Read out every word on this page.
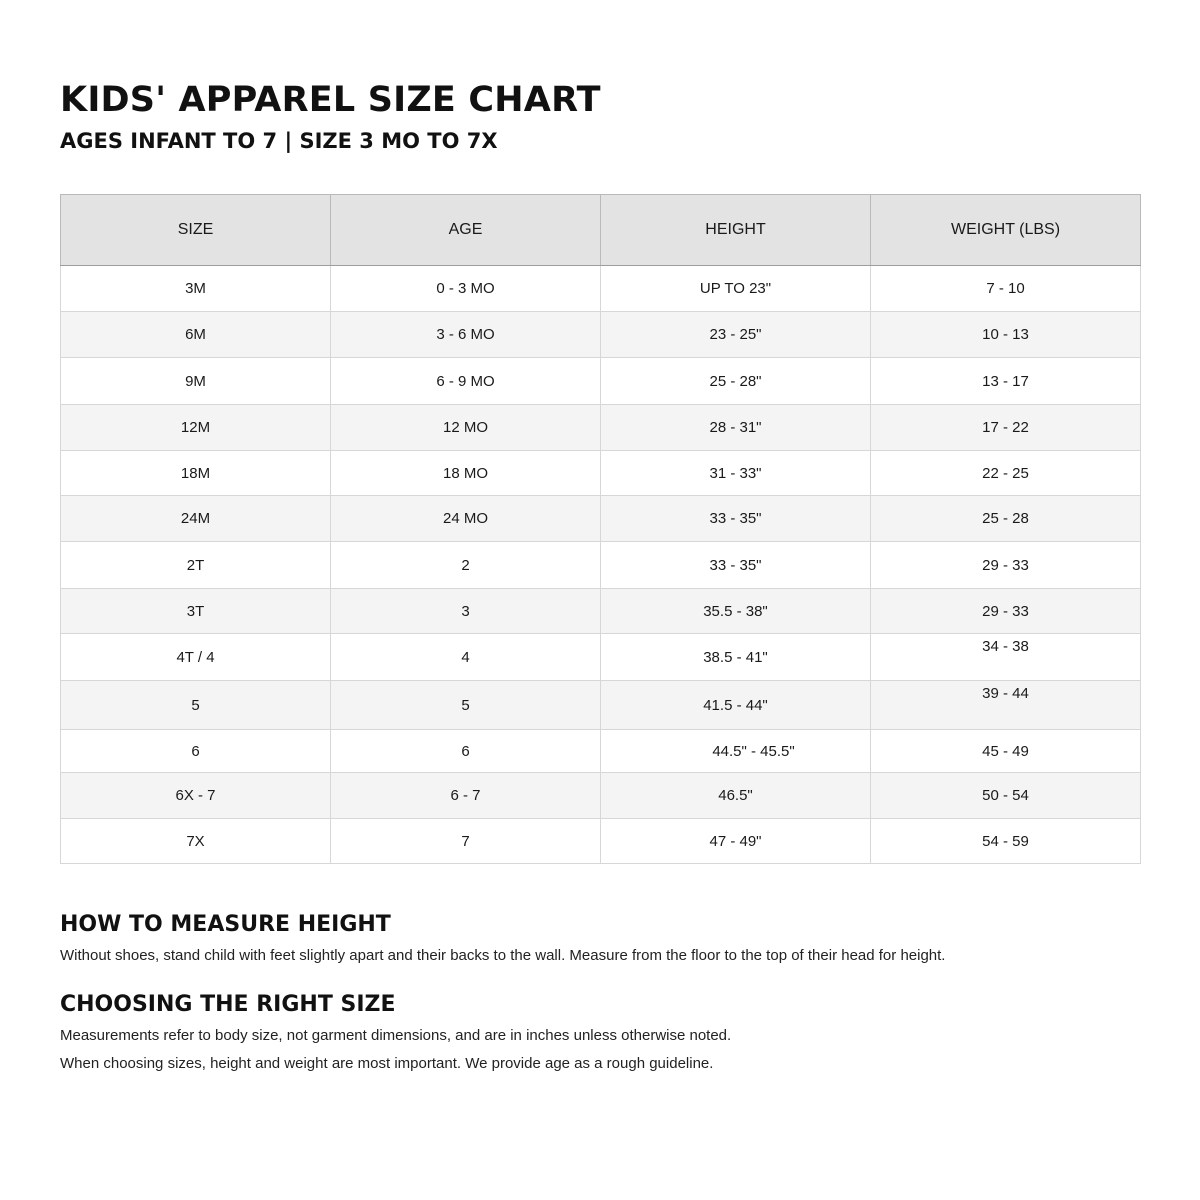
KIDS' APPAREL SIZE CHART
AGES INFANT TO 7 | SIZE 3 MO TO 7X
SIZE	AGE	HEIGHT	WEIGHT (LBS)
3M	0 - 3 MO	UP TO 23"	7 - 10
6M	3 - 6 MO	23 - 25"	10 - 13
9M	6 - 9 MO	25 - 28"	13 - 17
12M	12 MO	28 - 31"	17 - 22
18M	18 MO	31 - 33"	22 - 25
24M	24 MO	33 - 35"	25 - 28
2T	2	33 - 35"	29 - 33
3T	3	35.5 - 38"	29 - 33
4T / 4	4	38.5 - 41"	34 - 38
5	5	41.5 - 44"	39 - 44
6	6	44.5" - 45.5"	45 - 49
6X - 7	6 - 7	46.5"	50 - 54
7X	7	47 - 49"	54 - 59
HOW TO MEASURE HEIGHT

Without shoes, stand child with feet slightly apart and their backs to the wall. Measure from the floor to the top of their head for height.

CHOOSING THE RIGHT SIZE

Measurements refer to body size, not garment dimensions, and are in inches unless otherwise noted.

When choosing sizes, height and weight are most important. We provide age as a rough guideline.
